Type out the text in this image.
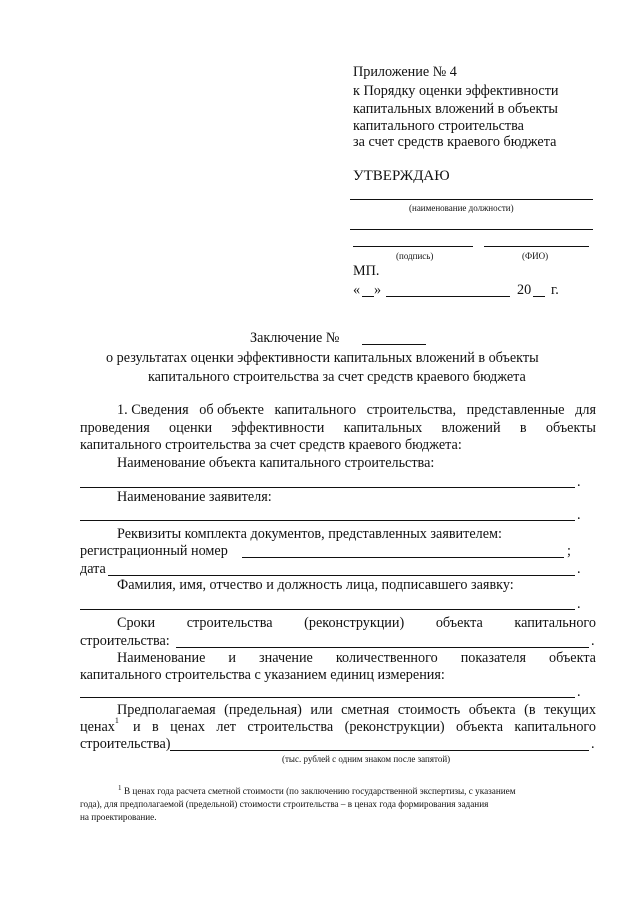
Приложение № 4
к Порядку оценки эффективности
капитальных вложений в объекты
капитального строительства
за счет средств краевого бюджета
УТВЕРЖДАЮ
(наименование должности)
(подпись)	(ФИО)
МП.
« »	20 г.
Заключение №
о результатах оценки эффективности капитальных вложений в объекты
капитального строительства за счет средств краевого бюджета
1. Сведения об объекте капитального строительства, представленные для
проведения оценки эффективности капитальных вложений в объекты
капитального строительства за счет средств краевого бюджета:
Наименование объекта капитального строительства:
.
Наименование заявителя:
.
Реквизиты комплекта документов, представленных заявителем:
регистрационный номер	;
дата	.
Фамилия, имя, отчество и должность лица, подписавшего заявку:
.
Сроки строительства (реконструкции) объекта капитального
строительства:	.
Наименование и значение количественного показателя объекта
капитального строительства с указанием единиц измерения:
.
Предполагаемая (предельная) или сметная стоимость объекта (в текущих
ценах$^1$ и в ценах лет строительства (реконструкции) объекта капитального
строительства)	.
(тыс. рублей с одним знаком после запятой)
1 В ценах года расчета сметной стоимости (по заключению государственной экспертизы, с указанием
года), для предполагаемой (предельной) стоимости строительства – в ценах года формирования задания
на проектирование.
